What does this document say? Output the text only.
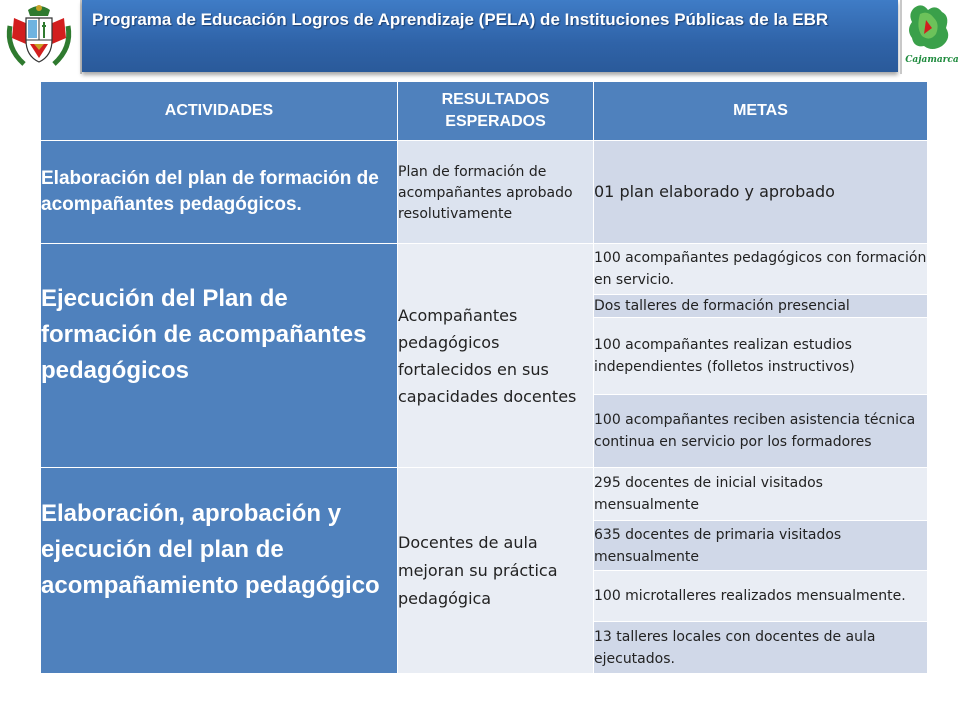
Programa de Educación Logros de Aprendizaje (PELA) de Instituciones Públicas de la EBR
Cajamarca
ACTIVIDADES	RESULTADOS ESPERADOS	METAS
Elaboración del plan de formación de acompañantes pedagógicos.	Plan de formación de acompañantes aprobado resolutivamente	01 plan elaborado y aprobado
Ejecución del Plan de formación de acompañantes pedagógicos	Acompañantes pedagógicos fortalecidos en sus capacidades docentes	100 acompañantes pedagógicos con formación en servicio.
		Dos talleres de formación presencial
		100 acompañantes realizan estudios independientes (folletos instructivos)
		100 acompañantes reciben asistencia técnica continua en servicio por los formadores
Elaboración, aprobación y ejecución del plan de acompañamiento pedagógico	Docentes de aula mejoran su práctica pedagógica	295 docentes de inicial visitados mensualmente
		635 docentes de primaria visitados mensualmente
		100 microtalleres realizados mensualmente.
		13 talleres locales con docentes de aula ejecutados.
